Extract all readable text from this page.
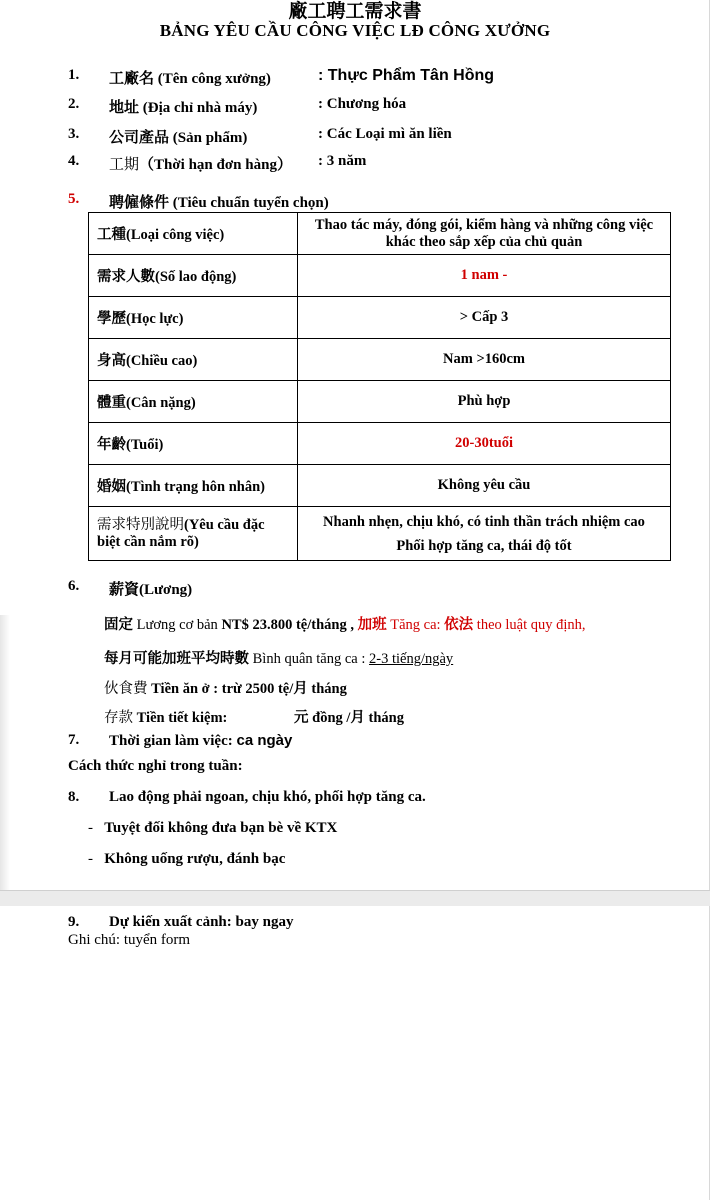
廠工聘工需求書
BẢNG YÊU CẦU CÔNG VIỆC LĐ CÔNG XƯỞNG
1. 工廠名 (Tên công xưởng)	: Thực Phẩm Tân Hồng
2. 地址 (Địa chỉ nhà máy)	: Chương hóa
3. 公司產品 (Sản phẩm)	: Các Loại mì ăn liền
4. 工期（Thời hạn đơn hàng） : 3 năm
5. 聘僱條件 (Tiêu chuẩn tuyển chọn)
工種(Loại công việc)	Thao tác máy, đóng gói, kiểm hàng và những công việc khác theo sắp xếp của chủ quản
需求人數(Số lao động)	1 nam -
學歷(Học lực)	> Cấp 3
身高(Chiều cao)	Nam >160cm
體重(Cân nặng)	Phù hợp
年齡(Tuổi)	20-30tuổi
婚姻(Tình trạng hôn nhân)	Không yêu cầu
需求特別說明(Yêu cầu đặc biệt cần nắm rõ)	Nhanh nhẹn, chịu khó, có tinh thần trách nhiệm cao
Phối hợp tăng ca, thái độ tốt
6. 薪資(Lương)
固定 Lương cơ bản NT$ 23.800 tệ/tháng , 加班 Tăng ca: 依法 theo luật quy định,
每月可能加班平均時數 Bình quân tăng ca : 2-3 tiếng/ngày
伙食費 Tiền ăn ở : trừ 2500 tệ/月 tháng
存款 Tiền tiết kiệm:	元 đồng /月 tháng
7. Thời gian làm việc: ca ngày
Cách thức nghỉ trong tuần:
8. Lao động phải ngoan, chịu khó, phối hợp tăng ca.
-   Tuyệt đối không đưa bạn bè về KTX
-   Không uống rượu, đánh bạc
9. Dự kiến xuất cảnh: bay ngay
Ghi chú: tuyển form
